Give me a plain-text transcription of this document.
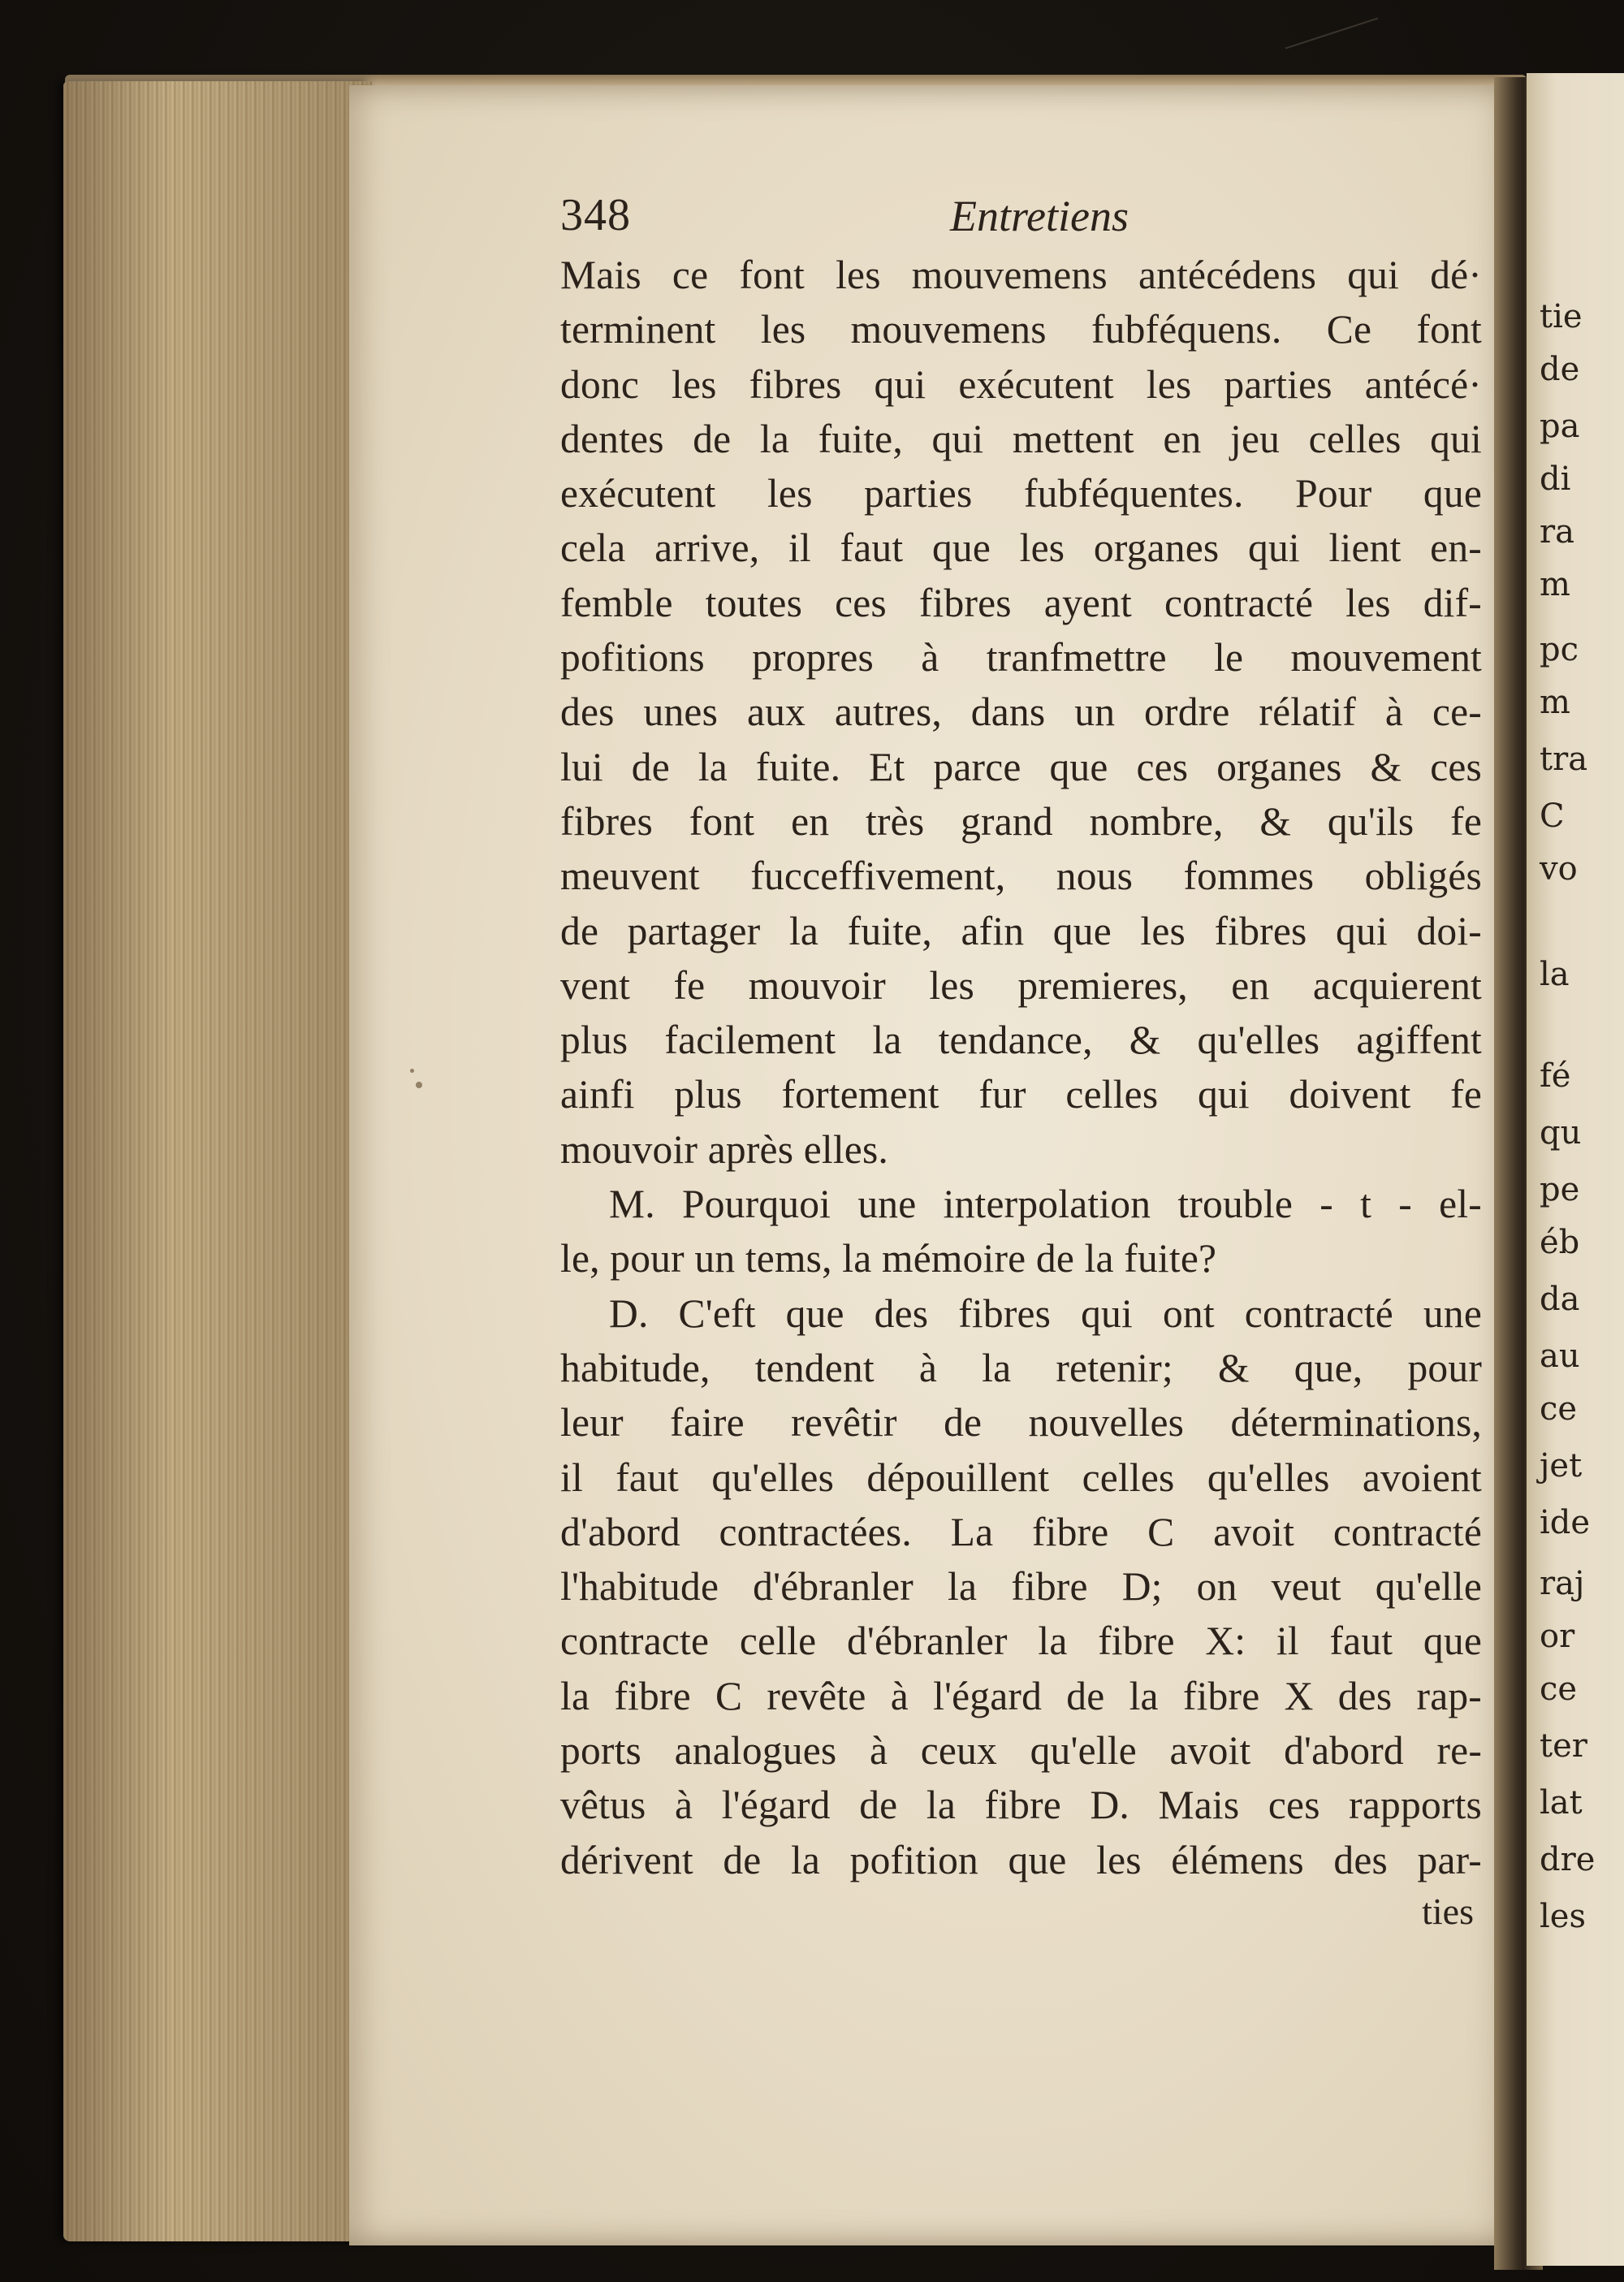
tie
de
pa
di
ra
m
pc
m
tra
C
vo
la
fé
qu
pe
éb
da
au
ce
jet
ide
raj
or
ce
ter
lat
dre
les
348	Entretiens
Mais ce font les mouvemens antécédens qui dé·
terminent les mouvemens fubféquens. Ce font
donc les fibres qui exécutent les parties antécé·
dentes de la fuite, qui mettent en jeu celles qui
exécutent les parties fubféquentes. Pour que
cela arrive, il faut que les organes qui lient en-
femble toutes ces fibres ayent contracté les dif-
pofitions propres à tranfmettre le mouvement
des unes aux autres, dans un ordre rélatif à ce-
lui de la fuite. Et parce que ces organes & ces
fibres font en très grand nombre, & qu'ils fe
meuvent fucceffivement, nous fommes obligés
de partager la fuite, afin que les fibres qui doi-
vent fe mouvoir les premieres, en acquierent
plus facilement la tendance, & qu'elles agiffent
ainfi plus fortement fur celles qui doivent fe
mouvoir après elles.
M. Pourquoi une interpolation trouble - t - el-
le, pour un tems, la mémoire de la fuite?
D. C'eft que des fibres qui ont contracté une
habitude, tendent à la retenir; & que, pour
leur faire revêtir de nouvelles déterminations,
il faut qu'elles dépouillent celles qu'elles avoient
d'abord contractées. La fibre C avoit contracté
l'habitude d'ébranler la fibre D; on veut qu'elle
contracte celle d'ébranler la fibre X: il faut que
la fibre C revête à l'égard de la fibre X des rap-
ports analogues à ceux qu'elle avoit d'abord re-
vêtus à l'égard de la fibre D. Mais ces rapports
dérivent de la pofition que les élémens des par-
ties
